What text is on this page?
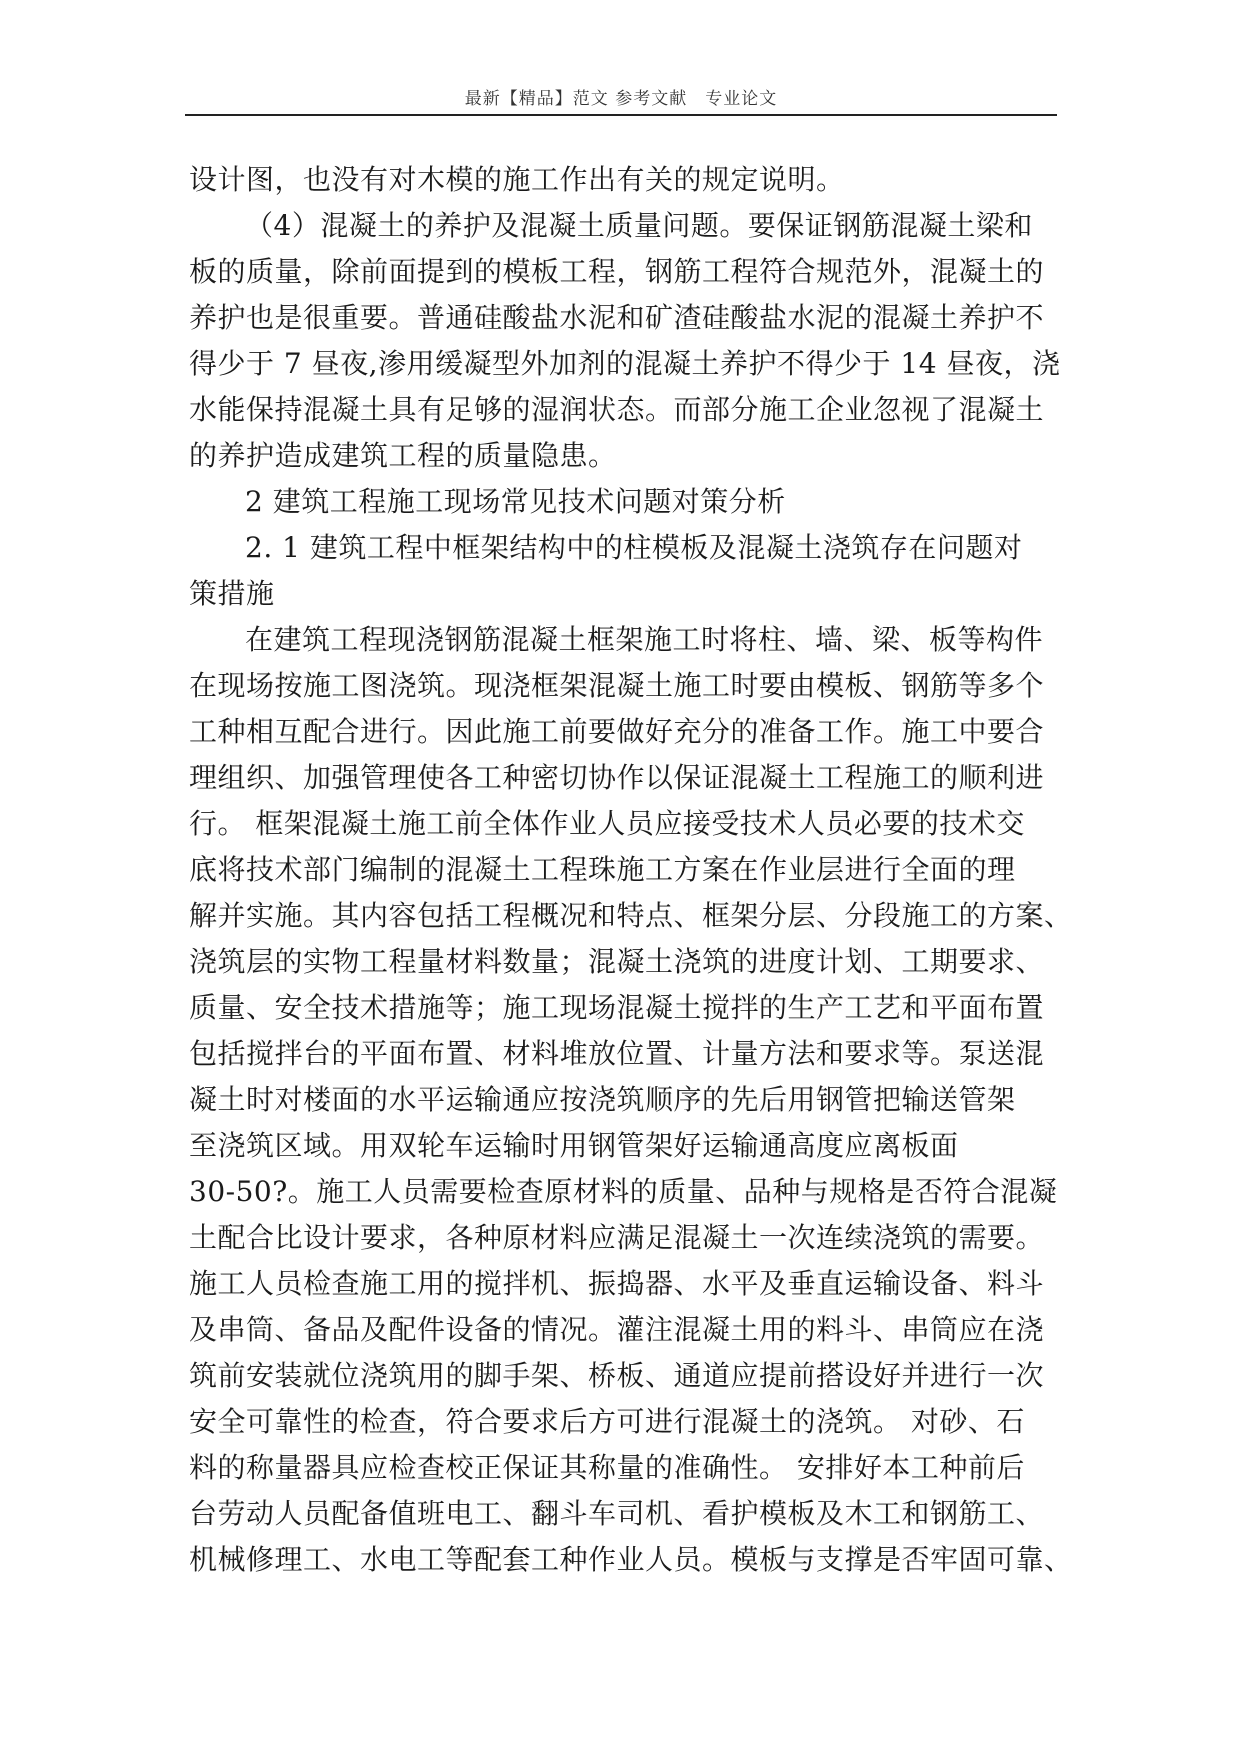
最新【精品】范文 参考文献　专业论文
设计图，也没有对木模的施工作出有关的规定说明。
（4）混凝土的养护及混凝土质量问题。要保证钢筋混凝土梁和
板的质量，除前面提到的模板工程，钢筋工程符合规范外，混凝土的
养护也是很重要。普通硅酸盐水泥和矿渣硅酸盐水泥的混凝土养护不
得少于 7 昼夜,渗用缓凝型外加剂的混凝土养护不得少于 14 昼夜，浇
水能保持混凝土具有足够的湿润状态。而部分施工企业忽视了混凝土
的养护造成建筑工程的质量隐患。
2 建筑工程施工现场常见技术问题对策分析
2. 1 建筑工程中框架结构中的柱模板及混凝土浇筑存在问题对
策措施
在建筑工程现浇钢筋混凝土框架施工时将柱、墙、梁、板等构件
在现场按施工图浇筑。现浇框架混凝土施工时要由模板、钢筋等多个
工种相互配合进行。因此施工前要做好充分的准备工作。施工中要合
理组织、加强管理使各工种密切协作以保证混凝土工程施工的顺利进
行。 框架混凝土施工前全体作业人员应接受技术人员必要的技术交
底将技术部门编制的混凝土工程珠施工方案在作业层进行全面的理
解并实施。其内容包括工程概况和特点、框架分层、分段施工的方案、
浇筑层的实物工程量材料数量；混凝土浇筑的进度计划、工期要求、
质量、安全技术措施等；施工现场混凝土搅拌的生产工艺和平面布置
包括搅拌台的平面布置、材料堆放位置、计量方法和要求等。泵送混
凝土时对楼面的水平运输通应按浇筑顺序的先后用钢管把输送管架
至浇筑区域。用双轮车运输时用钢管架好运输通高度应离板面
30-50?。施工人员需要检查原材料的质量、品种与规格是否符合混凝
土配合比设计要求，各种原材料应满足混凝土一次连续浇筑的需要。
施工人员检查施工用的搅拌机、振捣器、水平及垂直运输设备、料斗
及串筒、备品及配件设备的情况。灌注混凝土用的料斗、串筒应在浇
筑前安装就位浇筑用的脚手架、桥板、通道应提前搭设好并进行一次
安全可靠性的检查，符合要求后方可进行混凝土的浇筑。 对砂、石
料的称量器具应检查校正保证其称量的准确性。 安排好本工种前后
台劳动人员配备值班电工、翻斗车司机、看护模板及木工和钢筋工、
机械修理工、水电工等配套工种作业人员。模板与支撑是否牢固可靠、
